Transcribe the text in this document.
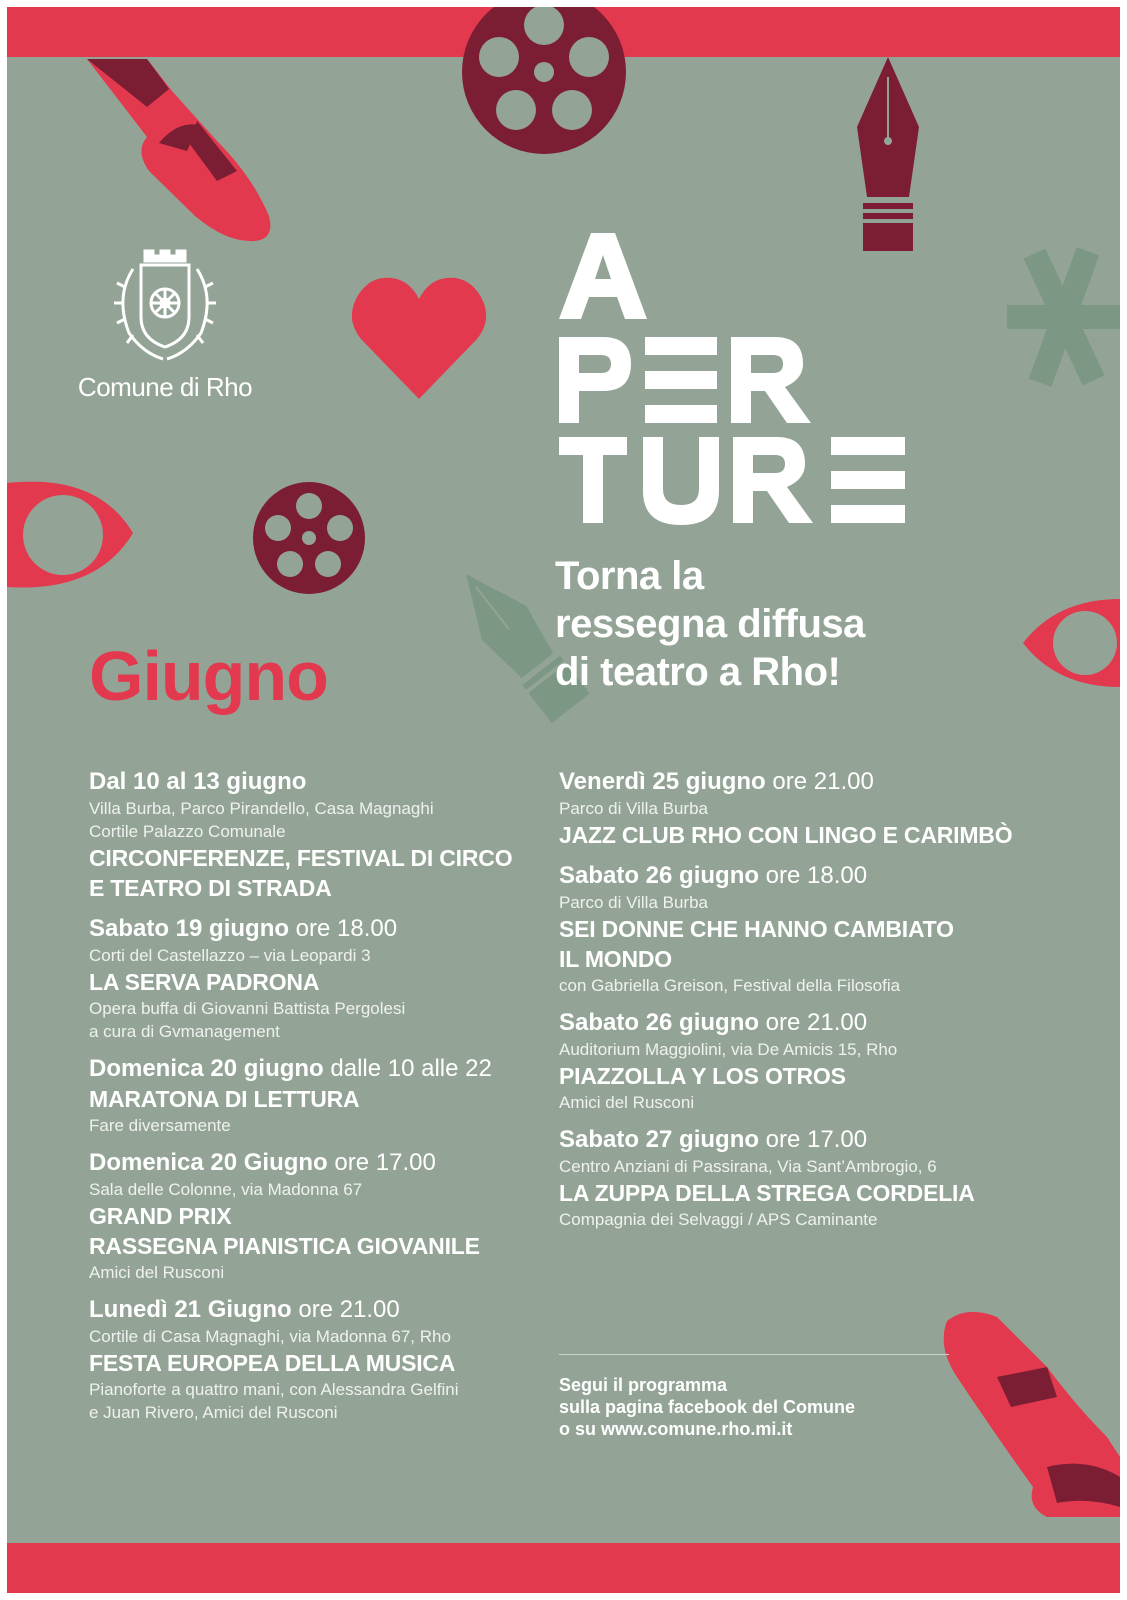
Comune di Rho
Torna la
ressegna diffusa
di teatro a Rho!
Giugno
Dal 10 al 13 giugno
Villa Burba, Parco Pirandello, Casa Magnaghi
Cortile Palazzo Comunale
CIRCONFERENZE, FESTIVAL DI CIRCO
E TEATRO DI STRADA
Sabato 19 giugno ore 18.00
Corti del Castellazzo – via Leopardi 3
LA SERVA PADRONA
Opera buffa di Giovanni Battista Pergolesi
a cura di Gvmanagement
Domenica 20 giugno dalle 10 alle 22
MARATONA DI LETTURA
Fare diversamente
Domenica 20 Giugno ore 17.00
Sala delle Colonne, via Madonna 67
GRAND PRIX
RASSEGNA PIANISTICA GIOVANILE
Amici del Rusconi
Lunedì 21 Giugno ore 21.00
Cortile di Casa Magnaghi, via Madonna 67, Rho
FESTA EUROPEA DELLA MUSICA
Pianoforte a quattro mani, con Alessandra Gelfini
e Juan Rivero, Amici del Rusconi
Venerdì 25 giugno ore 21.00
Parco di Villa Burba
JAZZ CLUB RHO CON LINGO E CARIMBÒ
Sabato 26 giugno ore 18.00
Parco di Villa Burba
SEI DONNE CHE HANNO CAMBIATO
IL MONDO
con Gabriella Greison, Festival della Filosofia
Sabato 26 giugno ore 21.00
Auditorium Maggiolini, via De Amicis 15, Rho
PIAZZOLLA Y LOS OTROS
Amici del Rusconi
Sabato 27 giugno ore 17.00
Centro Anziani di Passirana, Via Sant’Ambrogio, 6
LA ZUPPA DELLA STREGA CORDELIA
Compagnia dei Selvaggi / APS Caminante
Segui il programma
sulla pagina facebook del Comune
o su www.comune.rho.mi.it
